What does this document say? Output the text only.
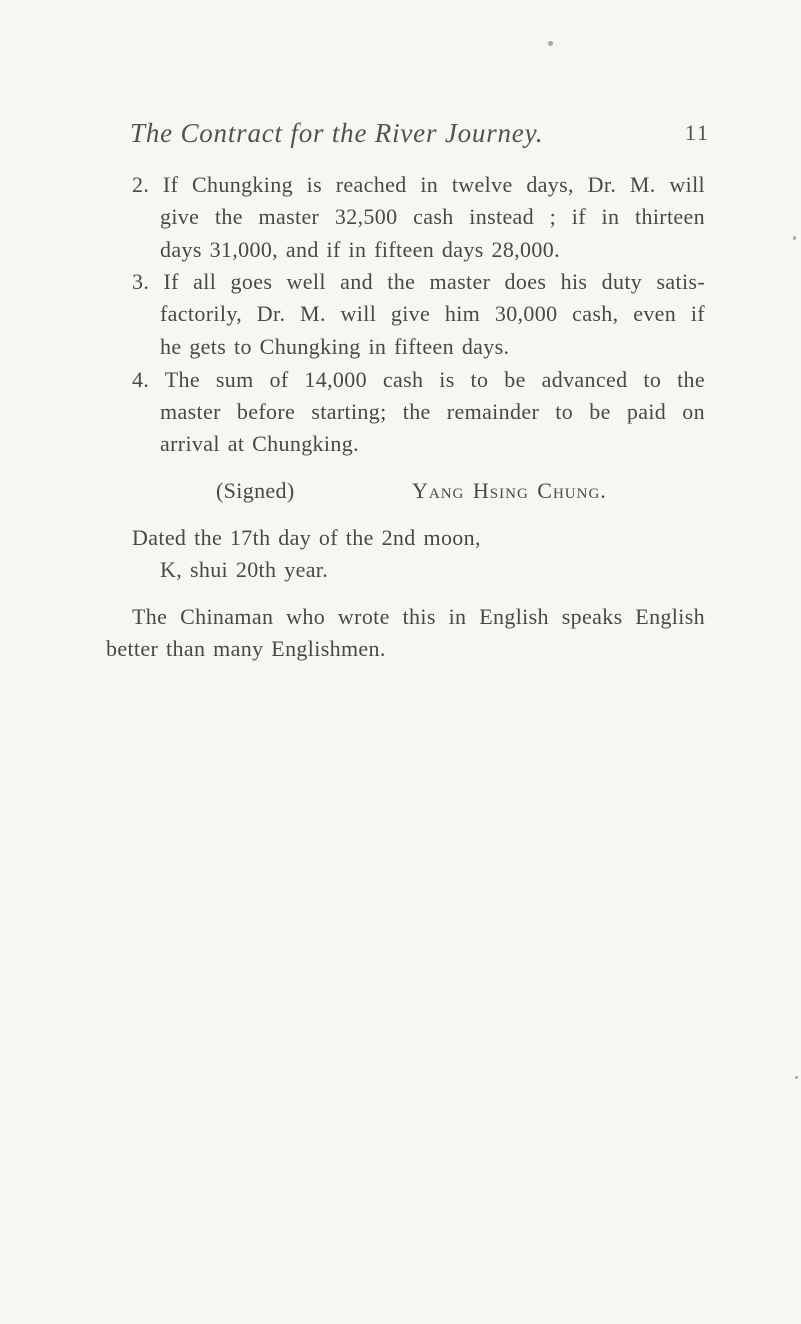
The Contract for the River Journey.	11
2. If Chungking is reached in twelve days, Dr. M. will
give the master 32,500 cash instead ; if in thirteen
days 31,000, and if in fifteen days 28,000.
3. If all goes well and the master does his duty satis-
factorily, Dr. M. will give him 30,000 cash, even if
he gets to Chungking in fifteen days.
4. The sum of 14,000 cash is to be advanced to the
master before starting; the remainder to be paid on
arrival at Chungking.
(Signed)	Yang Hsing Chung.
Dated the 17th day of the 2nd moon,
K, shui 20th year.
The Chinaman who wrote this in English speaks English
better than many Englishmen.
